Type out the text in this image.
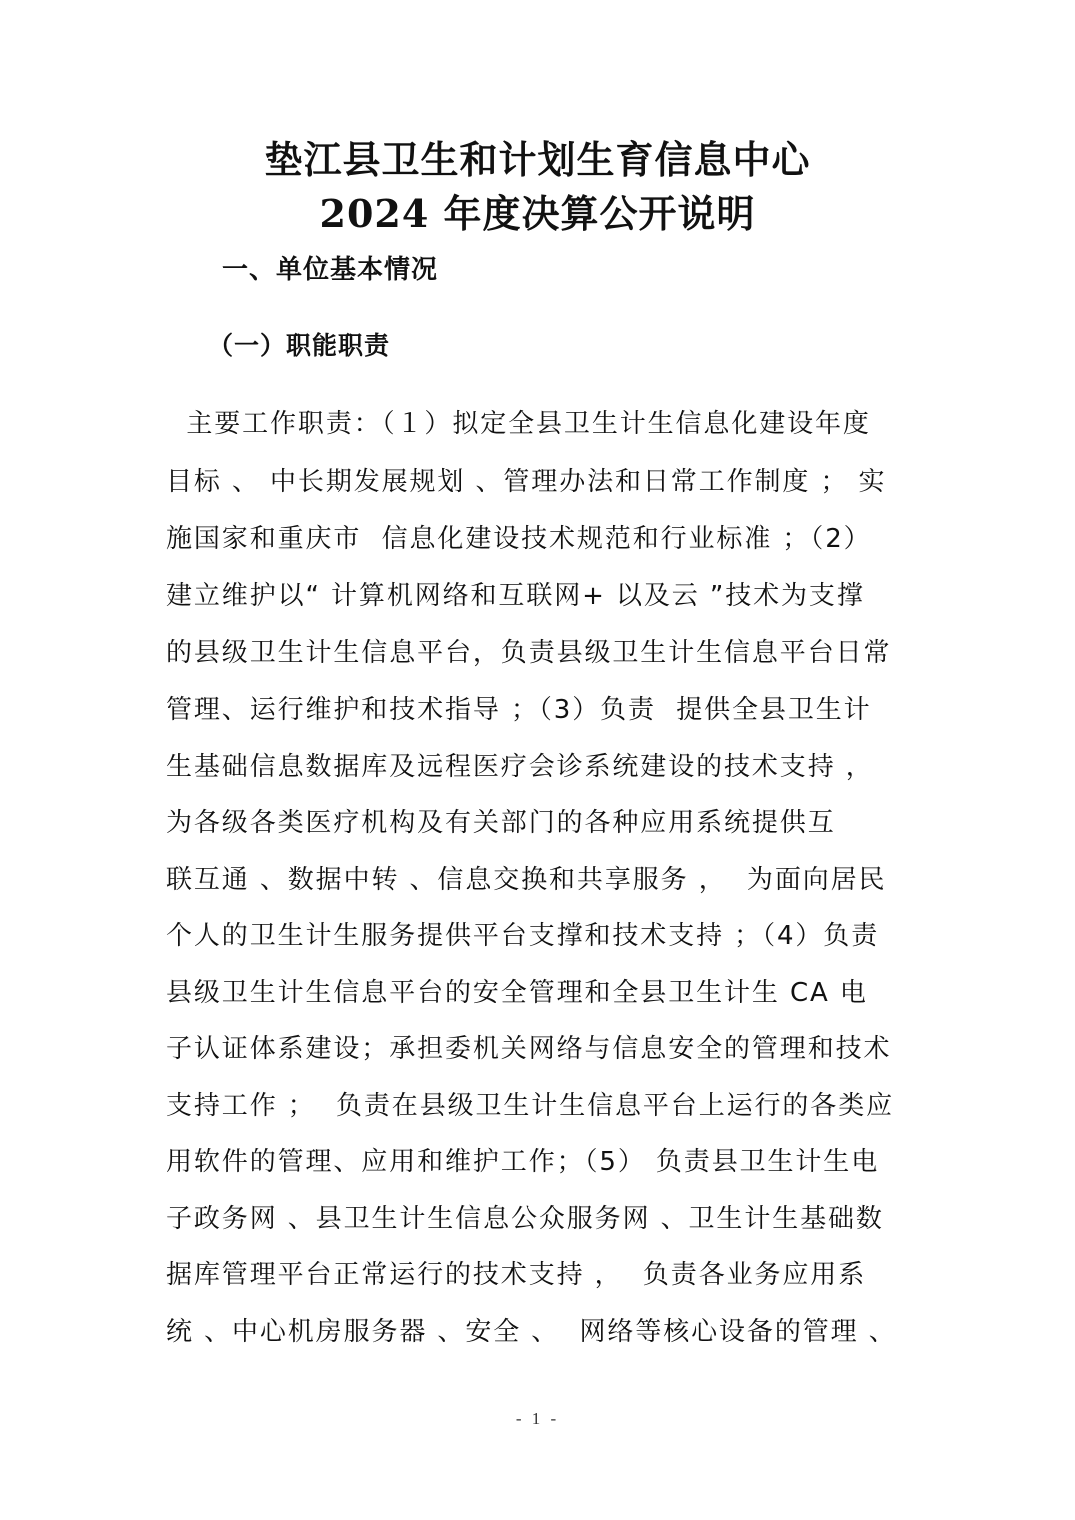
垫江县卫生和计划生育信息中心
2024 年度决算公开说明
一、单位基本情况
（一）职能职责
主要工作职责：（１）拟定全县卫生计生信息化建设年度
目标 、 中长期发展规划 、管理办法和日常工作制度 ； 实
施国家和重庆市  信息化建设技术规范和行业标准 ；（2）
建立维护以“ 计算机网络和互联网+ 以及云 ”技术为支撑
的县级卫生计生信息平台，负责县级卫生计生信息平台日常
管理、运行维护和技术指导 ；（3）负责  提供全县卫生计
生基础信息数据库及远程医疗会诊系统建设的技术支持 ，
为各级各类医疗机构及有关部门的各种应用系统提供互
联互通 、数据中转 、信息交换和共享服务 ，  为面向居民
个人的卫生计生服务提供平台支撑和技术支持 ；（4）负责
县级卫生计生信息平台的安全管理和全县卫生计生 CA 电
子认证体系建设；承担委机关网络与信息安全的管理和技术
支持工作 ；  负责在县级卫生计生信息平台上运行的各类应
用软件的管理、应用和维护工作；（5） 负责县卫生计生电
子政务网 、县卫生计生信息公众服务网 、卫生计生基础数
据库管理平台正常运行的技术支持 ，  负责各业务应用系
统 、中心机房服务器 、安全 、  网络等核心设备的管理 、
- 1 -
